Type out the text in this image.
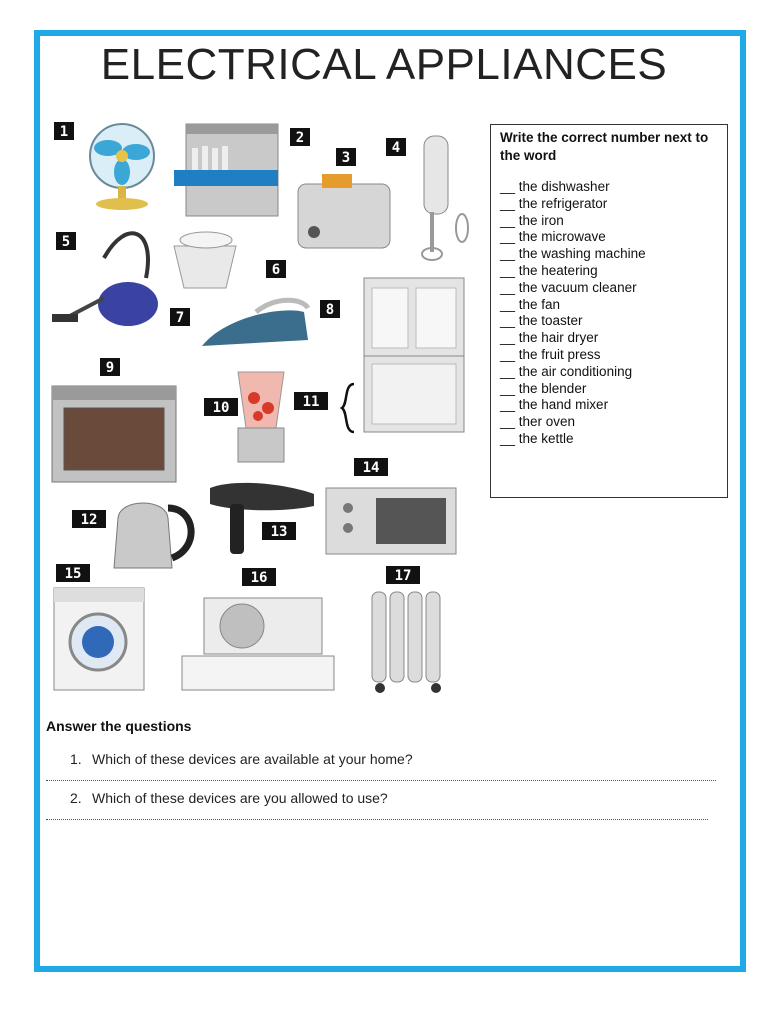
ELECTRICAL APPLIANCES
1	2
3
4
5
6
7	8
9
10	11
12
13
14
15	16	17
Write the correct number next to the word
__ the dishwasher
__ the refrigerator
__ the iron
__ the microwave
__ the washing machine
__ the heatering
__ the vacuum cleaner
__ the fan
__ the toaster
__ the hair dryer
__ the fruit press
__ the air conditioning
__ the blender
__ the hand mixer
__ ther oven
__ the kettle
Answer the questions
1. Which of these devices are available at your home?
2. Which of these devices are you allowed to use?
